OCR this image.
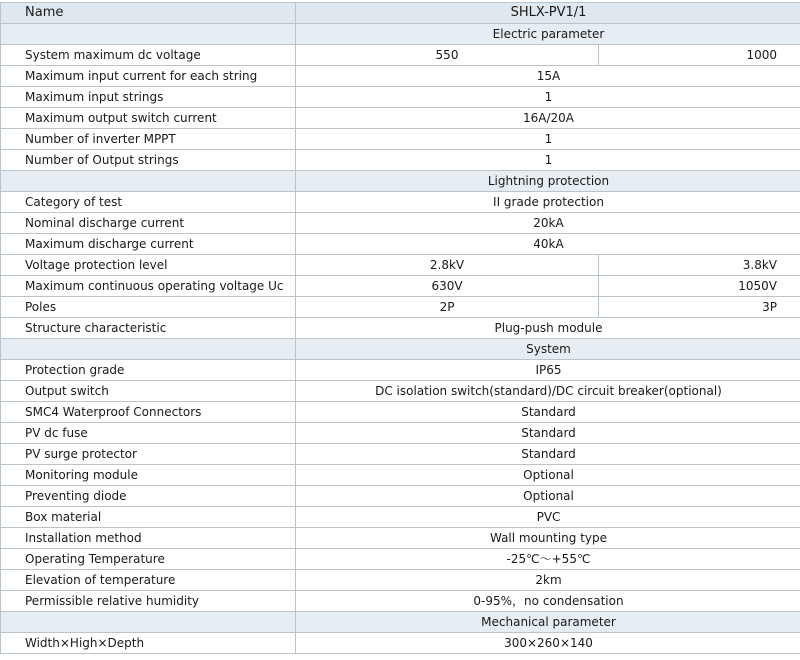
Name	SHLX-PV1/1	
	Electric parameter	
System maximum dc voltage	550	1000
Maximum input current for each string	15A	
Maximum input strings	1	
Maximum output switch current	16A/20A	
Number of inverter MPPT	1	
Number of Output strings	1	
	Lightning protection	
Category of test	II grade protection	
Nominal discharge current	20kA	
Maximum discharge current	40kA	
Voltage protection level	2.8kV	3.8kV
Maximum continuous operating voltage Uc	630V	1050V
Poles	2P	3P
Structure characteristic	Plug-push module	
	System	
Protection grade	IP65	
Output switch	DC isolation switch(standard)/DC circuit breaker(optional)	
SMC4 Waterproof Connectors	Standard	
PV dc fuse	Standard	
PV surge protector	Standard	
Monitoring module	Optional	
Preventing diode	Optional	
Box material	PVC	
Installation method	Wall mounting type	
Operating Temperature	-25℃～+55℃	
Elevation of temperature	2km	
Permissible relative humidity	0-95%，no condensation	
	Mechanical parameter	
Width×High×Depth	300×260×140	
